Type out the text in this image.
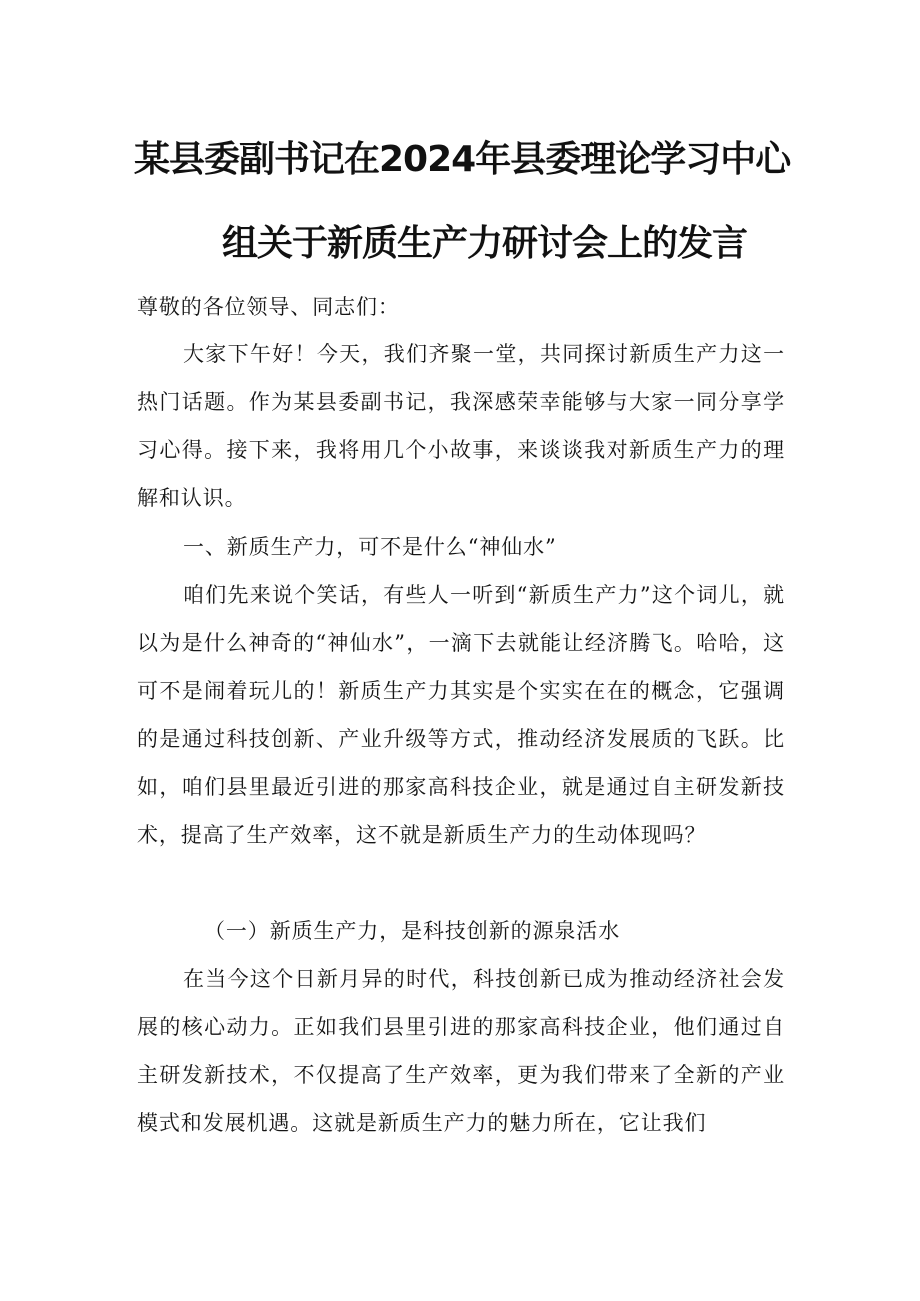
某县委副书记在2024年县委理论学习中心
组关于新质生产力研讨会上的发言

尊敬的各位领导、同志们：

大家下午好！今天，我们齐聚一堂，共同探讨新质生产力这一热门话题。作为某县委副书记，我深感荣幸能够与大家一同分享学习心得。接下来，我将用几个小故事，来谈谈我对新质生产力的理解和认识。

一、新质生产力，可不是什么“神仙水”

咱们先来说个笑话，有些人一听到“新质生产力”这个词儿，就以为是什么神奇的“神仙水”，一滴下去就能让经济腾飞。哈哈，这可不是闹着玩儿的！新质生产力其实是个实实在在的概念，它强调的是通过科技创新、产业升级等方式，推动经济发展质的飞跃。比如，咱们县里最近引进的那家高科技企业，就是通过自主研发新技术，提高了生产效率，这不就是新质生产力的生动体现吗？

（一）新质生产力，是科技创新的源泉活水

在当今这个日新月异的时代，科技创新已成为推动经济社会发展的核心动力。正如我们县里引进的那家高科技企业，他们通过自主研发新技术，不仅提高了生产效率，更为我们带来了全新的产业模式和发展机遇。这就是新质生产力的魅力所在，它让我们
